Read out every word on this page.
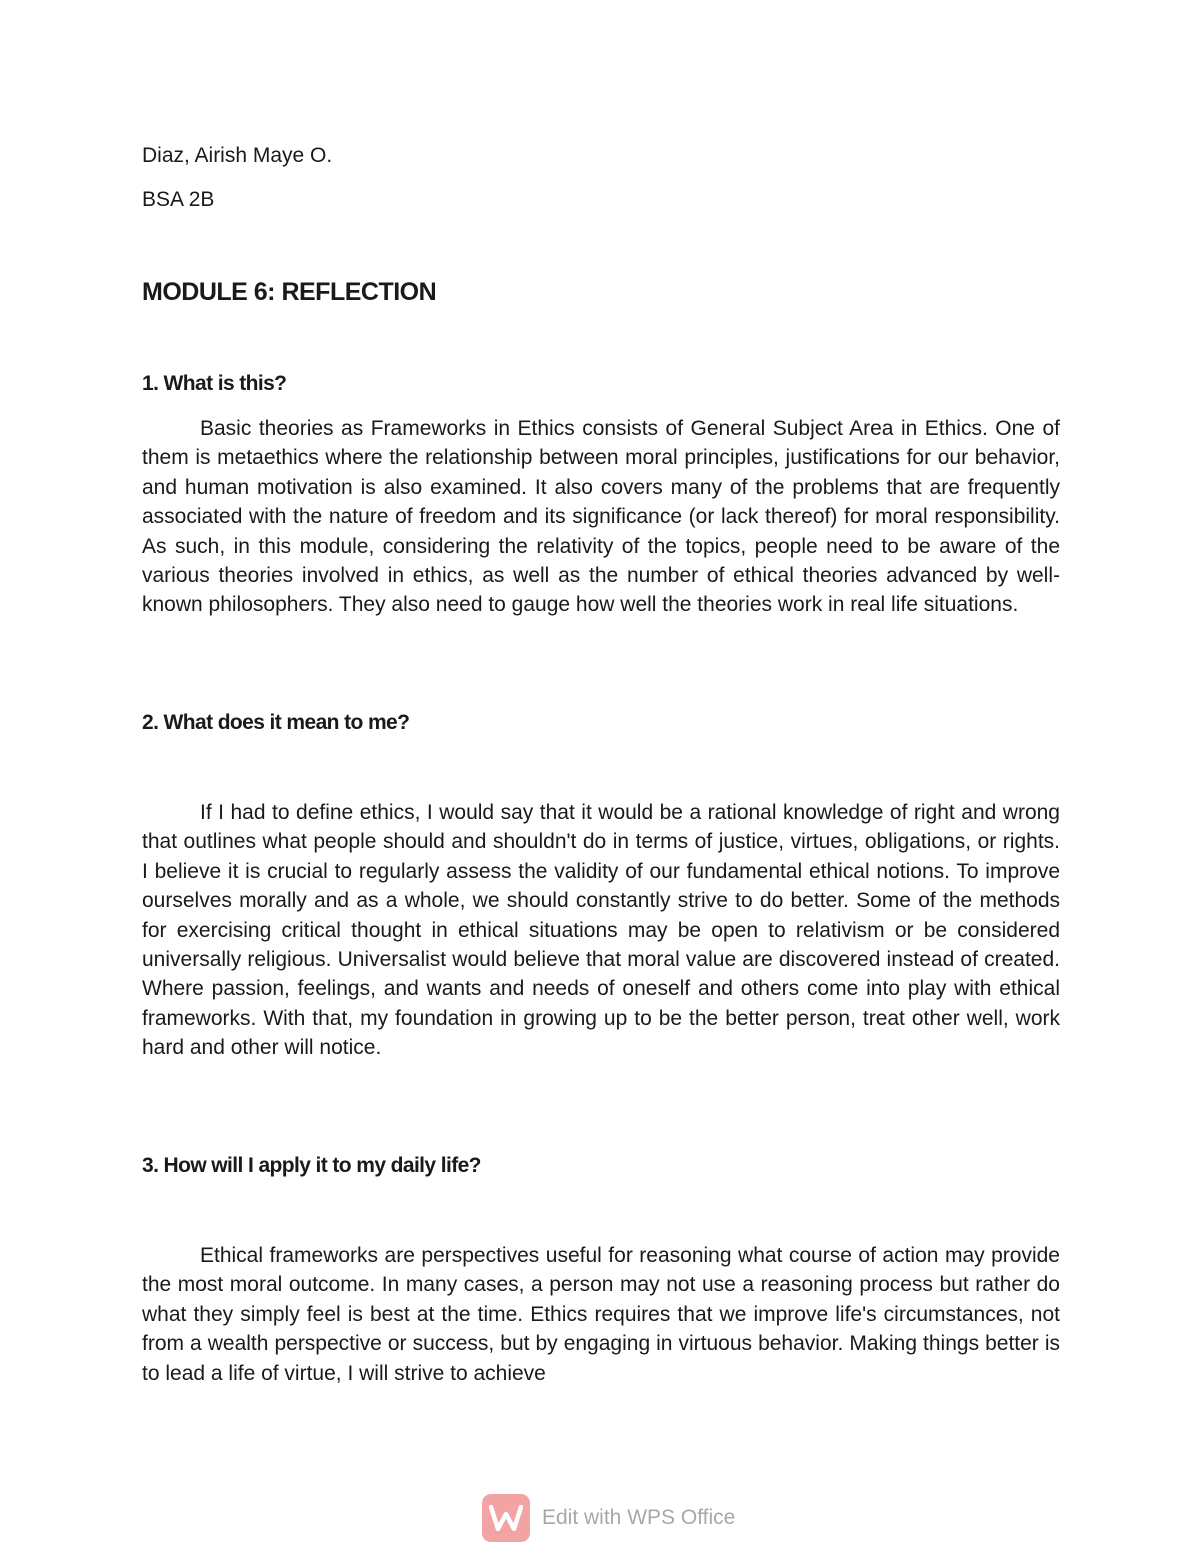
Diaz, Airish Maye O.
BSA 2B
MODULE 6: REFLECTION
1. What is this?

Basic theories as Frameworks in Ethics consists of General Subject Area in Ethics. One of them is metaethics where the relationship between moral principles, justifications for our behavior, and human motivation is also examined. It also covers many of the problems that are frequently associated with the nature of freedom and its significance (or lack thereof) for moral responsibility. As such, in this module, considering the relativity of the topics, people need to be aware of the various theories involved in ethics, as well as the number of ethical theories advanced by well-known philosophers. They also need to gauge how well the theories work in real life situations.

2. What does it mean to me?

If I had to define ethics, I would say that it would be a rational knowledge of right and wrong that outlines what people should and shouldn't do in terms of justice, virtues, obligations, or rights. I believe it is crucial to regularly assess the validity of our fundamental ethical notions. To improve ourselves morally and as a whole, we should constantly strive to do better. Some of the methods for exercising critical thought in ethical situations may be open to relativism or be considered universally religious. Universalist would believe that moral value are discovered instead of created. Where passion, feelings, and wants and needs of oneself and others come into play with ethical frameworks. With that, my foundation in growing up to be the better person, treat other well, work hard and other will notice.

3. How will I apply it to my daily life?

Ethical frameworks are perspectives useful for reasoning what course of action may provide the most moral outcome. In many cases, a person may not use a reasoning process but rather do what they simply feel is best at the time. Ethics requires that we improve life's circumstances, not from a wealth perspective or success, but by engaging in virtuous behavior. Making things better is to lead a life of virtue, I will strive to achieve

Edit with WPS Office
